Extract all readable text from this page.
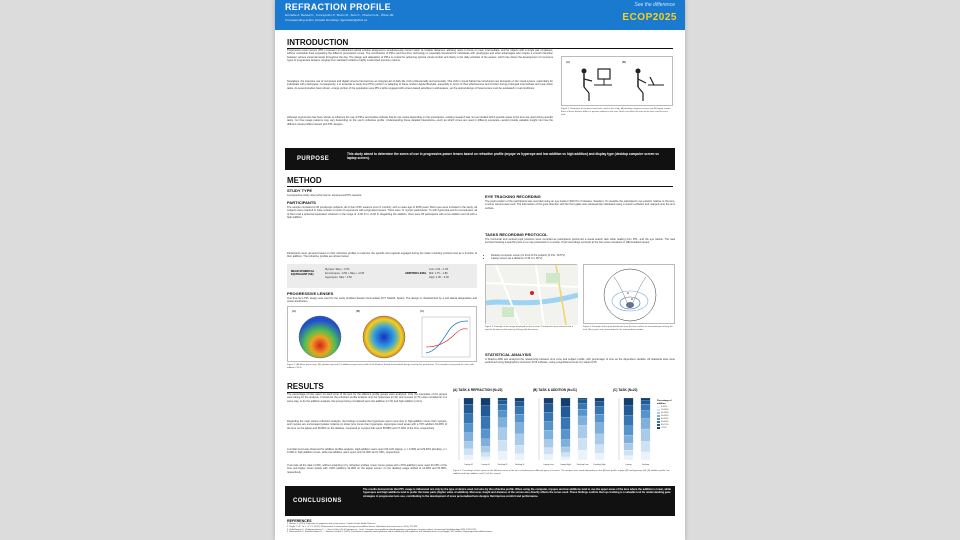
REFRACTION PROFILE
Dorrafee A. Benedi C., Concepción P., Bruno M., Soto C., Chamorro E., Ólivia JM.
Corresponding author (Amelie Dorrafee): dgonzalez@ibirst.es
See the difference
ECOP2025
INTRODUCTION
Progressive power lenses (PPL) represent an advanced optical solution designed to simultaneously correct vision at multiple distances, allowing users to focus on near, intermediate, and far objects with a single pair of glasses, without noticeable lines separating the different prescription zones. The combination of PPLs and free-form technology is especially beneficial for individuals with presbyopia and other advantages who require a smooth transition between various visual demands throughout the day. The design and adaptation of PPLs is crucial for achieving optimal visual comfort and clarity in the daily activities of the wearer, which has driven the development of numerous types of progressive designs, ranging from standard models to highly customized premium options.
Nowadays, the intensive use of computers and digital screens has become an integral part of daily life, both professionally and personally. This shift in visual habits has introduced new demands on the visual system, particularly for individuals with presbyopia. Consequently, it is essential to study how PPLs perform in adapting to these modern digital lifestyles, especially in terms of their effectiveness and comfort during prolonged intermediate and near-vision tasks. As several studies have shown, a large portion of the population uses PPLs while engaged with screen-based activities in workspaces, yet the optical design of these lenses must be evaluated in real conditions.
Although ergonomics has been shown to influence the use of PPLs and studies indicate that its use varies depending on the prescription, existing research has not yet studied which specific areas of the lens are used during specific tasks, nor how usage patterns may vary depending on the user's refractive profile. Understanding these detailed interactions—such as which zones are used in different scenarios—would provide valuable insight into how the different visual profiles interact with PPL designs.
(A)	(B)
Figure 1. Schematic of the two visual tasks used in the study: (A) desktop computer screen and (B) laptop screen. Each of these devices differs in position relative to the user, which can affect the area of the lens used for each task.
PURPOSE
This study aimed to determine the zones of use in progressive-power lenses based on refractive profile (myope vs hyperope and low addition vs high addition) and display type (desktop computer screen vs laptop screen).
METHOD
STUDY TYPE
A prospective study was performed on experienced PPL wearers.
PARTICIPANTS
The sample consisted of 96 presbyopic subjects, all of them PPL wearers (over 6 months), with a mean age of 60±8 years. Both eyes were included in the study; all subjects were required to have at least 1 month of experience with progressive lenses. There were 71 myopic participants, 71 with hyperopia and 11 emmetropes; all of them had a spherical equivalent refraction in the range of -6.00 D to +6.00 D. Regarding the addition, there were 65 participants with a low addition and 43 with a high addition.
Participants were grouped based on their refractive profiles to examine the specific and regional engaged during the tasks recording protocol and as a function of their addition. The refractive profiles are shown below:
MEAN SPHERICAL EQUIVALENT (SE)
Myopes: SEq < -0.50
Emmetropes: -0.50 ≤ SEq ≤ +0.50
Hyperopes: SEq > 0.50
ADDITION LEVEL
Low: 1.00 – 1.50
Mid: 1.75 – 1.80
High: 2.00 – 3.00
PROGRESSIVE LENSES
One free-form PPL design was used for the study. Endless Steady Intermediate (IOT, Madrid, Spain). The design is characterized by a soft lateral astigmatism and power distribution.
(A)	(B)	(C)
Figure 2. (A) Mean power map, (B) cylinder map and (C) addition progression profile of the Endless Steady Intermediate design used by the participants. The example corresponds to a lens with addition 2.00 D.
EYE TRACKING RECORDING
The pupil position of the participants was recorded using an eye-tracker (Tobii Pro 3 Glasses, Sweden). To visualize the participant's eye position relative to the lens, a scene camera was used. The information of the gaze direction with the front glass was subsequently calculated using a custom software and mapped onto the lens surface.
TASKS RECORDING PROTOCOL
The horizontal and vertical pupil positions were recorded as participants performed a visual search task while reading from PPL, and the eye tracker. The task involved locating a specific point on a map presented on a screen. Pupil recordings occurred at the two screen locations in differentiated setups:
• Desktop computer screen (in front of the subject) (0.0ºH, 15.5ºV)
• Laptop screen (at a distance of 35 cm, 30ºV)
Figure 3. Example of the image displayed on the screens. Participants were asked to find a specific location on the map by clicking with the mouse.
Figure 4. Example of the gaze distribution over the lens surface for one participant during the task. Most points are concentrated in the intermediate corridor.
STATISTICAL ANALYSIS
A Shapiro–Wilk test analyzed the relationship between time zone and subject profile, with percentage of time as the dependent variable. All statistical tests were performed using Statgraphics Centurion XVIII software, using a significance level of p-value<0.05.
RESULTS
The percentage of time spent on each zone of the lens for the different profile groups were analyzed. Only the intensities of the groups were taking for the analysis. It shows for the refraction profile analysis only the hyperopes (n=11) and myopes (n=71) were considered; in a same way, to do the addition analysis, the groups being considered were low addition (n=71) and high addition (n=11).
Regarding the main sphere refraction analysis, the findings revealed that hyperopes spent more time in high-addition zones than myopes, and myopes are encouraged greater reliance on lower lens zones than hyperopes. Hyperopes used areas with a 70% addition 62.08% of the time on the laptop and 28.80% on the desktop, compared to myopes that spent 58.88% and 17.00% of the time, respectively.
A similar trend was observed for addition profiles analysis. High-addition users spent 66.41% (laptop, p = 0.006) and 29.60% (desktop, p = 0.036) in high-addition zones, while low-addition users spent only 51.90% and 1.93%, respectively.
If we take all the data (n=96), without analyzing it by refractive profiles, lower zones (areas with ≥70% addition) were used 43.15% of the time and higher zones (areas with <30% addition) 14.48% on the laptop screen; on the desktop usage shifted to 14.48% and 51.85%, respectively.
(A) TASK & REFRACTION (N=22)	(B) TASK & ADDITION (N=21)	(C) TASK (N=22)
Laptop M	Laptop H	Desktop M	Desktop H	Laptop Low	Laptop High	Desktop Low	Desktop High	Laptop	Desktop
Percentage of addition
0-10%
10-20%
20-30%
30-40%
40-50%
50-60%
60-70%
>70%
Figure 5. Percentage of time spent on the different zones of the lens considering two different types of screens. The analysis were made depending on the (A) lens profile, myope (M) and hyperope (H), (B) addition profile, low addition and high addition, and (C) all the sample.
CONCLUSIONS
The results demonstrate that PPL usage is influenced not only by the type of device used, but also by the refractive profile. When using the computer, myopes and low additions tend to use the upper areas of the lens where the addition is lower, while hyperopes and high additions tend to prefer the lower parts (higher value of addition). Moreover, height and distance of the screen also directly affects the zones used. These findings confirm that eye tracking is a valuable tool for understanding gaze strategies in progressive lens use, contributing to the development of more personalized lens designs that improve comfort and performance.
REFERENCES
1. Meister, D. (2014). Evaluation of eyeglasses and visual science. Coolum: Essilor Health Sciences.
2. Raghu, Y. W., Yu, L. & Y. X. (2017). Photometrical characterization of progressive addition lenses. Ophthalmic and visual science, 94(5), 327-336.
3. Gallo-Romero C., Rodriguez-Gomez C., ... García-Calvo; (2) of Performance... (n.d.). Computer vision problems related symptoms in presbyopic computer workers. International Ophthalmology, 64(5), 1220-1226.
4. Sánchez-Ruiz F., Sánchez-Gómez S., ... Sánchez-Cendón C. (2019). Prevalence of computer vision syndrome and its relationship with ergonomic and individual factors in presbyopic VDT workers using progressive addition lenses.
